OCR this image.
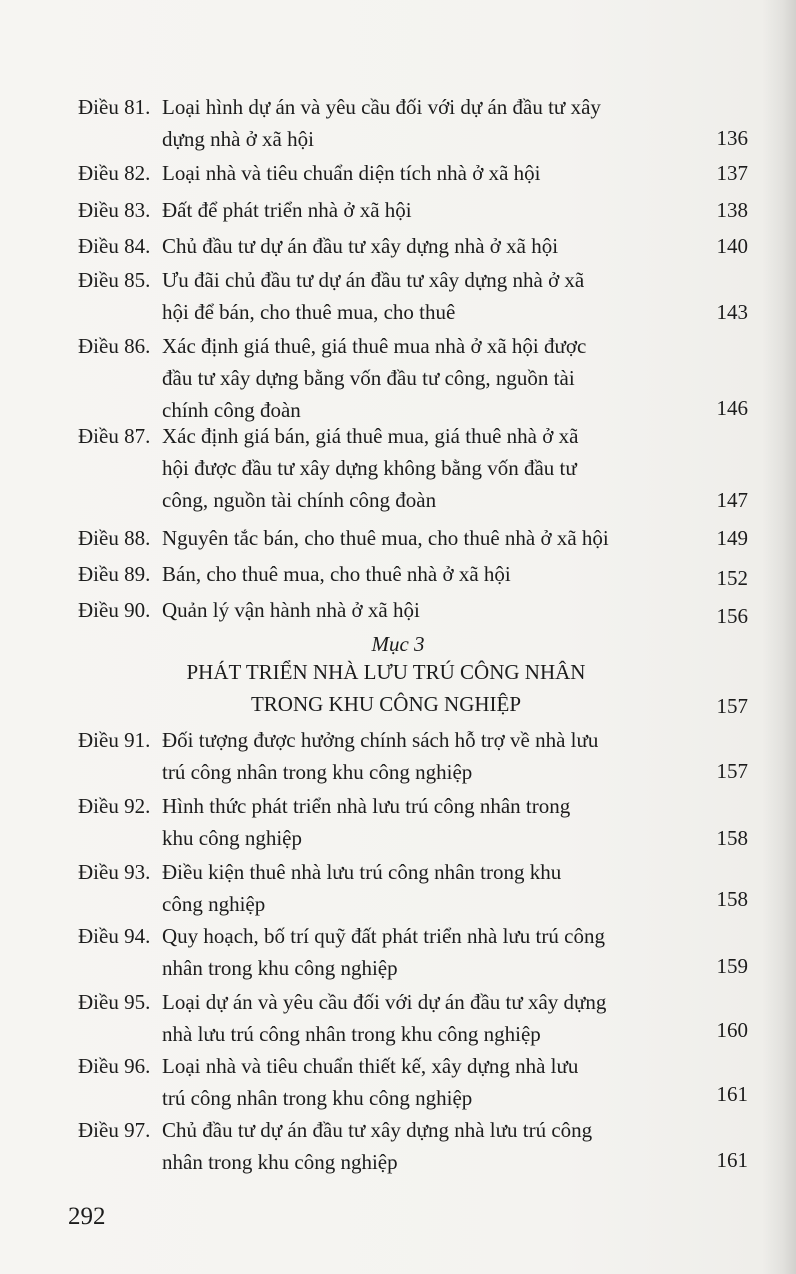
Điều 81. Loại hình dự án và yêu cầu đối với dự án đầu tư xây
dựng nhà ở xã hội	136
Điều 82. Loại nhà và tiêu chuẩn diện tích nhà ở xã hội	137
Điều 83. Đất để phát triển nhà ở xã hội	138
Điều 84. Chủ đầu tư dự án đầu tư xây dựng nhà ở xã hội	140
Điều 85. Ưu đãi chủ đầu tư dự án đầu tư xây dựng nhà ở xã
hội để bán, cho thuê mua, cho thuê	143
Điều 86. Xác định giá thuê, giá thuê mua nhà ở xã hội được
đầu tư xây dựng bằng vốn đầu tư công, nguồn tài
chính công đoàn	146
Điều 87. Xác định giá bán, giá thuê mua, giá thuê nhà ở xã
hội được đầu tư xây dựng không bằng vốn đầu tư
công, nguồn tài chính công đoàn	147
Điều 88. Nguyên tắc bán, cho thuê mua, cho thuê nhà ở xã hội	149
Điều 89. Bán, cho thuê mua, cho thuê nhà ở xã hội	152
Điều 90. Quản lý vận hành nhà ở xã hội	156
Mục 3
PHÁT TRIỂN NHÀ LƯU TRÚ CÔNG NHÂN
TRONG KHU CÔNG NGHIỆP	157
Điều 91. Đối tượng được hưởng chính sách hỗ trợ về nhà lưu
trú công nhân trong khu công nghiệp	157
Điều 92. Hình thức phát triển nhà lưu trú công nhân trong
khu công nghiệp	158
Điều 93. Điều kiện thuê nhà lưu trú công nhân trong khu
công nghiệp	158
Điều 94. Quy hoạch, bố trí quỹ đất phát triển nhà lưu trú công
nhân trong khu công nghiệp	159
Điều 95. Loại dự án và yêu cầu đối với dự án đầu tư xây dựng
nhà lưu trú công nhân trong khu công nghiệp	160
Điều 96. Loại nhà và tiêu chuẩn thiết kế, xây dựng nhà lưu
trú công nhân trong khu công nghiệp	161
Điều 97. Chủ đầu tư dự án đầu tư xây dựng nhà lưu trú công
nhân trong khu công nghiệp	161
292
